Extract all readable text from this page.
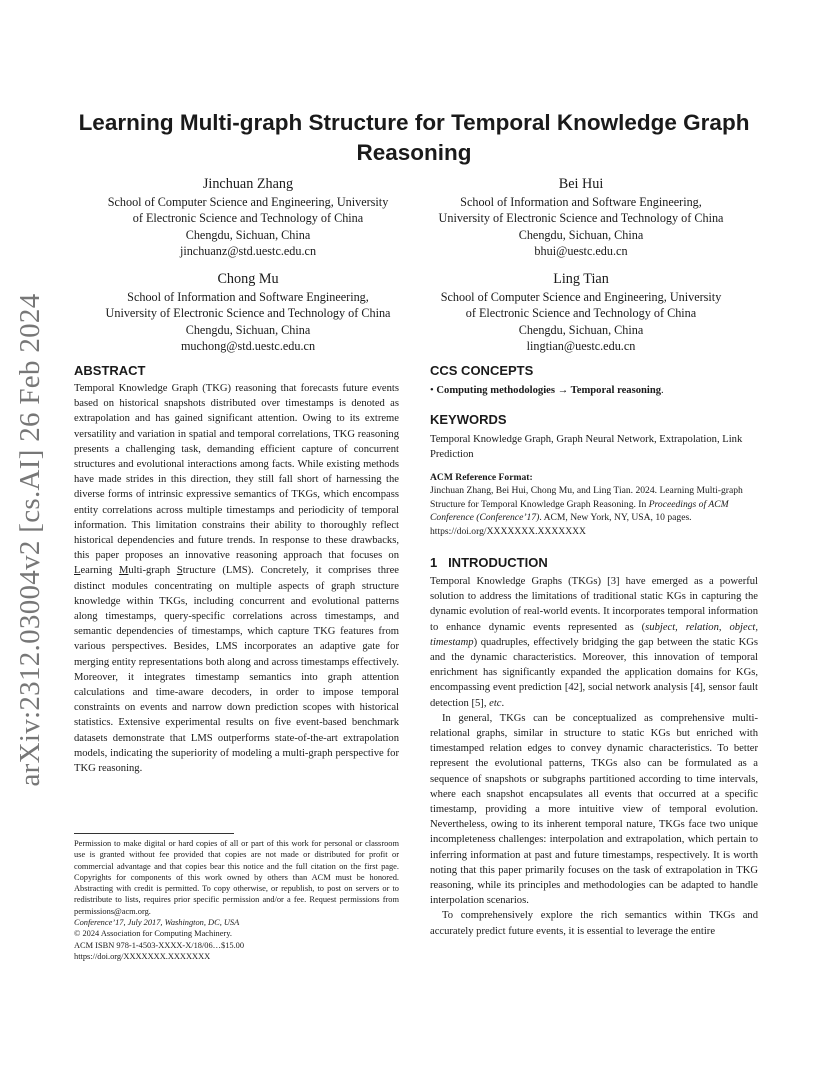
arXiv:2312.03004v2 [cs.AI] 26 Feb 2024
Learning Multi-graph Structure for Temporal Knowledge Graph Reasoning
Jinchuan Zhang
School of Computer Science and Engineering, University
of Electronic Science and Technology of China
Chengdu, Sichuan, China
jinchuanz@std.uestc.edu.cn
Bei Hui
School of Information and Software Engineering,
University of Electronic Science and Technology of China
Chengdu, Sichuan, China
bhui@uestc.edu.cn
Chong Mu
School of Information and Software Engineering,
University of Electronic Science and Technology of China
Chengdu, Sichuan, China
muchong@std.uestc.edu.cn
Ling Tian
School of Computer Science and Engineering, University
of Electronic Science and Technology of China
Chengdu, Sichuan, China
lingtian@uestc.edu.cn
ABSTRACT

Temporal Knowledge Graph (TKG) reasoning that forecasts future events based on historical snapshots distributed over timestamps is denoted as extrapolation and has gained significant attention. Owing to its extreme versatility and variation in spatial and temporal correlations, TKG reasoning presents a challenging task, demanding efficient capture of concurrent structures and evolutional interactions among facts. While existing methods have made strides in this direction, they still fall short of harnessing the diverse forms of intrinsic expressive semantics of TKGs, which encompass entity correlations across multiple timestamps and periodicity of temporal information. This limitation constrains their ability to thoroughly reflect historical dependencies and future trends. In response to these drawbacks, this paper proposes an innovative reasoning approach that focuses on Learning Multi-graph Structure (LMS). Concretely, it comprises three distinct modules concentrating on multiple aspects of graph structure knowledge within TKGs, including concurrent and evolutional patterns along timestamps, query-specific correlations across timestamps, and semantic dependencies of timestamps, which capture TKG features from various perspectives. Besides, LMS incorporates an adaptive gate for merging entity representations both along and across timestamps effectively. Moreover, it integrates timestamp semantics into graph attention calculations and time-aware decoders, in order to impose temporal constraints on events and narrow down prediction scopes with historical statistics. Extensive experimental results on five event-based benchmark datasets demonstrate that LMS outperforms state-of-the-art extrapolation models, indicating the superiority of modeling a multi-graph perspective for TKG reasoning.

Permission to make digital or hard copies of all or part of this work for personal or classroom use is granted without fee provided that copies are not made or distributed for profit or commercial advantage and that copies bear this notice and the full citation on the first page. Copyrights for components of this work owned by others than ACM must be honored. Abstracting with credit is permitted. To copy otherwise, or republish, to post on servers or to redistribute to lists, requires prior specific permission and/or a fee. Request permissions from permissions@acm.org.
Conference’17, July 2017, Washington, DC, USA
© 2024 Association for Computing Machinery.
ACM ISBN 978-1-4503-XXXX-X/18/06…$15.00
https://doi.org/XXXXXXX.XXXXXXX
CCS CONCEPTS
• Computing methodologies → Temporal reasoning.
KEYWORDS
Temporal Knowledge Graph, Graph Neural Network, Extrapolation, Link Prediction
ACM Reference Format:
Jinchuan Zhang, Bei Hui, Chong Mu, and Ling Tian. 2024. Learning Multi-graph Structure for Temporal Knowledge Graph Reasoning. In Proceedings of ACM Conference (Conference’17). ACM, New York, NY, USA, 10 pages. https://doi.org/XXXXXXX.XXXXXXX
1   INTRODUCTION

Temporal Knowledge Graphs (TKGs) [3] have emerged as a powerful solution to address the limitations of traditional static KGs in capturing the dynamic evolution of real-world events. It incorporates temporal information to enhance dynamic events represented as (subject, relation, object, timestamp) quadruples, effectively bridging the gap between the static KGs and the dynamic characteristics. Moreover, this innovation of temporal enrichment has significantly expanded the application domains for KGs, encompassing event prediction [42], social network analysis [4], sensor fault detection [5], etc.

In general, TKGs can be conceptualized as comprehensive multi-relational graphs, similar in structure to static KGs but enriched with timestamped relation edges to convey dynamic characteristics. To better represent the evolutional patterns, TKGs also can be formulated as a sequence of snapshots or subgraphs partitioned according to time intervals, where each snapshot encapsulates all events that occurred at a specific timestamp, providing a more intuitive view of temporal evolution. Nevertheless, owing to its inherent temporal nature, TKGs face two unique incompleteness challenges: interpolation and extrapolation, which pertain to inferring information at past and future timestamps, respectively. It is worth noting that this paper primarily focuses on the task of extrapolation in TKG reasoning, while its principles and methodologies can be adapted to handle interpolation scenarios.

To comprehensively explore the rich semantics within TKGs and accurately predict future events, it is essential to leverage the entire
